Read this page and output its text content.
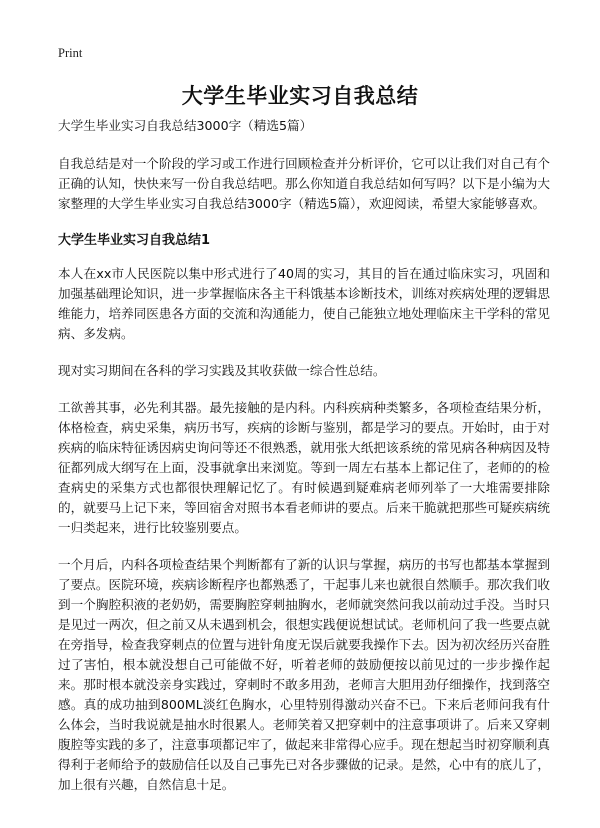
Print
大学生毕业实习自我总结
大学生毕业实习自我总结3000字（精选5篇）

自我总结是对一个阶段的学习或工作进行回顾检查并分析评价，它可以让我们对自己有个正确的认知，快快来写一份自我总结吧。那么你知道自我总结如何写吗？以下是小编为大家整理的大学生毕业实习自我总结3000字（精选5篇），欢迎阅读，希望大家能够喜欢。

大学生毕业实习自我总结1

本人在xx市人民医院以集中形式进行了40周的实习，其目的旨在通过临床实习，巩固和加强基础理论知识，进一步掌握临床各主干科饿基本诊断技术，训练对疾病处理的逻辑思维能力，培养同医患各方面的交流和沟通能力，使自己能独立地处理临床主干学科的常见病、多发病。

现对实习期间在各科的学习实践及其收获做一综合性总结。

工欲善其事，必先利其器。最先接触的是内科。内科疾病种类繁多，各项检查结果分析，体格检查，病史采集，病历书写，疾病的诊断与鉴别，都是学习的要点。开始时，由于对疾病的临床特征诱因病史询问等还不很熟悉，就用张大纸把该系统的常见病各种病因及特征都列成大纲写在上面，没事就拿出来浏览。等到一周左右基本上都记住了，老师的的检查病史的采集方式也都很快理解记忆了。有时候遇到疑难病老师列举了一大堆需要排除的，就要马上记下来，等回宿舍对照书本看老师讲的要点。后来干脆就把那些可疑疾病统一归类起来，进行比较鉴别要点。

一个月后，内科各项检查结果个判断都有了新的认识与掌握，病历的书写也都基本掌握到了要点。医院环境，疾病诊断程序也都熟悉了，干起事儿来也就很自然顺手。那次我们收到一个胸腔积液的老奶奶，需要胸腔穿刺抽胸水，老师就突然问我以前动过手没。当时只是见过一两次，但之前又从未遇到机会，很想实践便说想试试。老师机问了我一些要点就在旁指导，检查我穿刺点的位置与进针角度无误后就要我操作下去。因为初次经历兴奋胜过了害怕，根本就没想自己可能做不好，听着老师的鼓励便按以前见过的一步步操作起来。那时根本就没亲身实践过，穿刺时不敢多用劲，老师言大胆用劲仔细操作，找到落空感。真的成功抽到800ML淡红色胸水，心里特别得激动兴奋不已。下来后老师问我有什么体会，当时我说就是抽水时很累人。老师笑着又把穿刺中的注意事项讲了。后来又穿刺腹腔等实践的多了，注意事项都记牢了，做起来非常得心应手。现在想起当时初穿顺利真得利于老师给予的鼓励信任以及自己事先已对各步骤做的记录。是然，心中有的底儿了，加上很有兴趣，自然信息十足。
